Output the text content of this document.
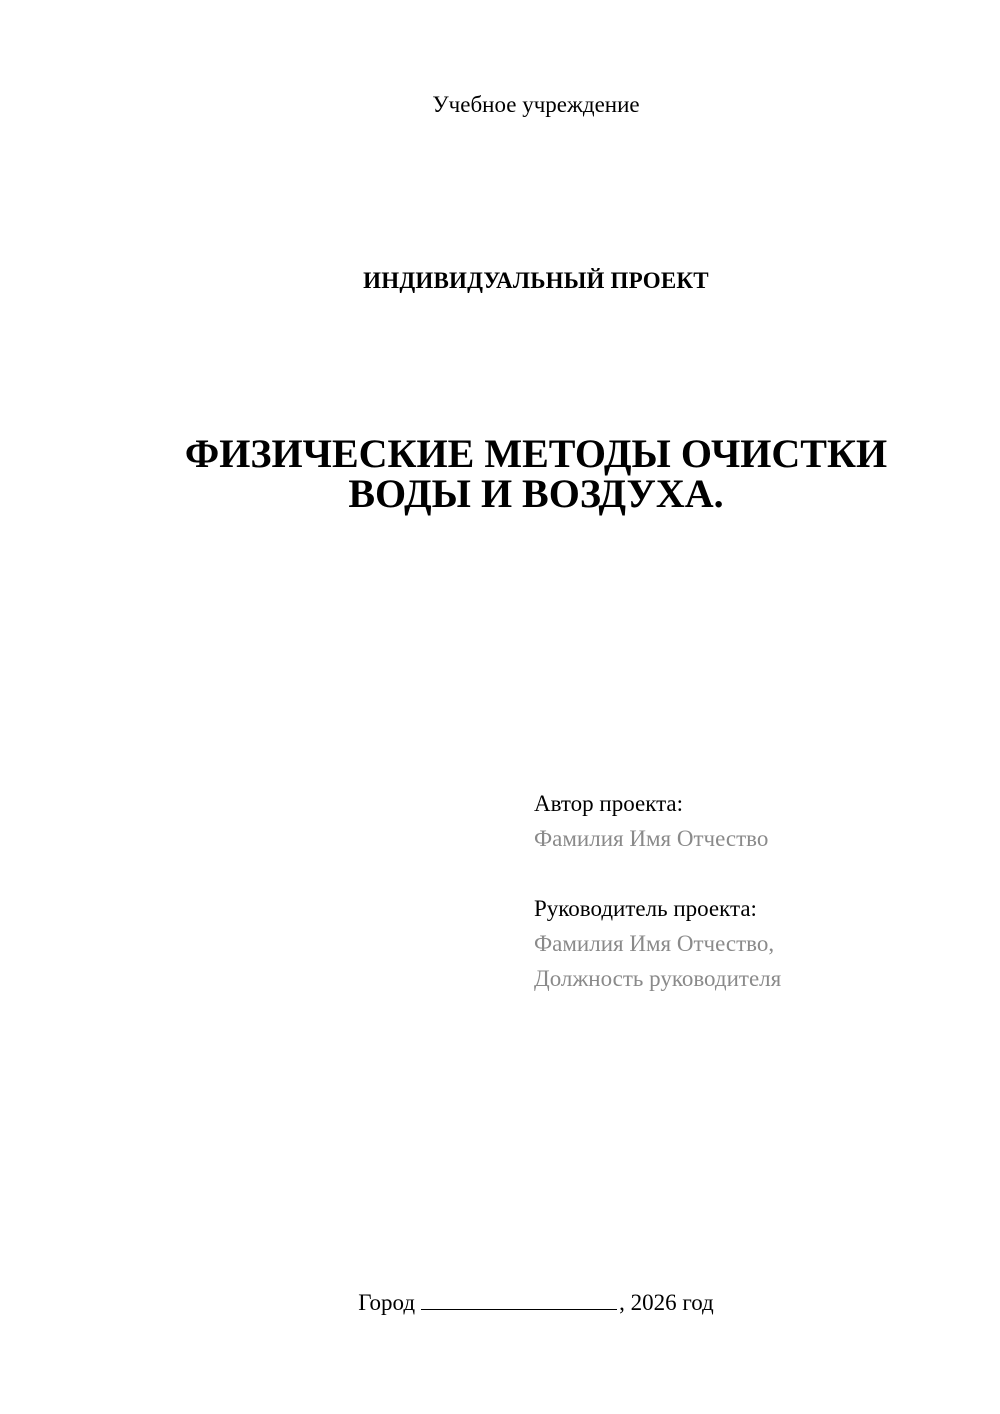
Учебное учреждение
ИНДИВИДУАЛЬНЫЙ ПРОЕКТ
ФИЗИЧЕСКИЕ МЕТОДЫ ОЧИСТКИ
ВОДЫ И ВОЗДУХА.
Автор проекта:
Фамилия Имя Отчество
Руководитель проекта:
Фамилия Имя Отчество,
Должность руководителя
Город	, 2026 год
